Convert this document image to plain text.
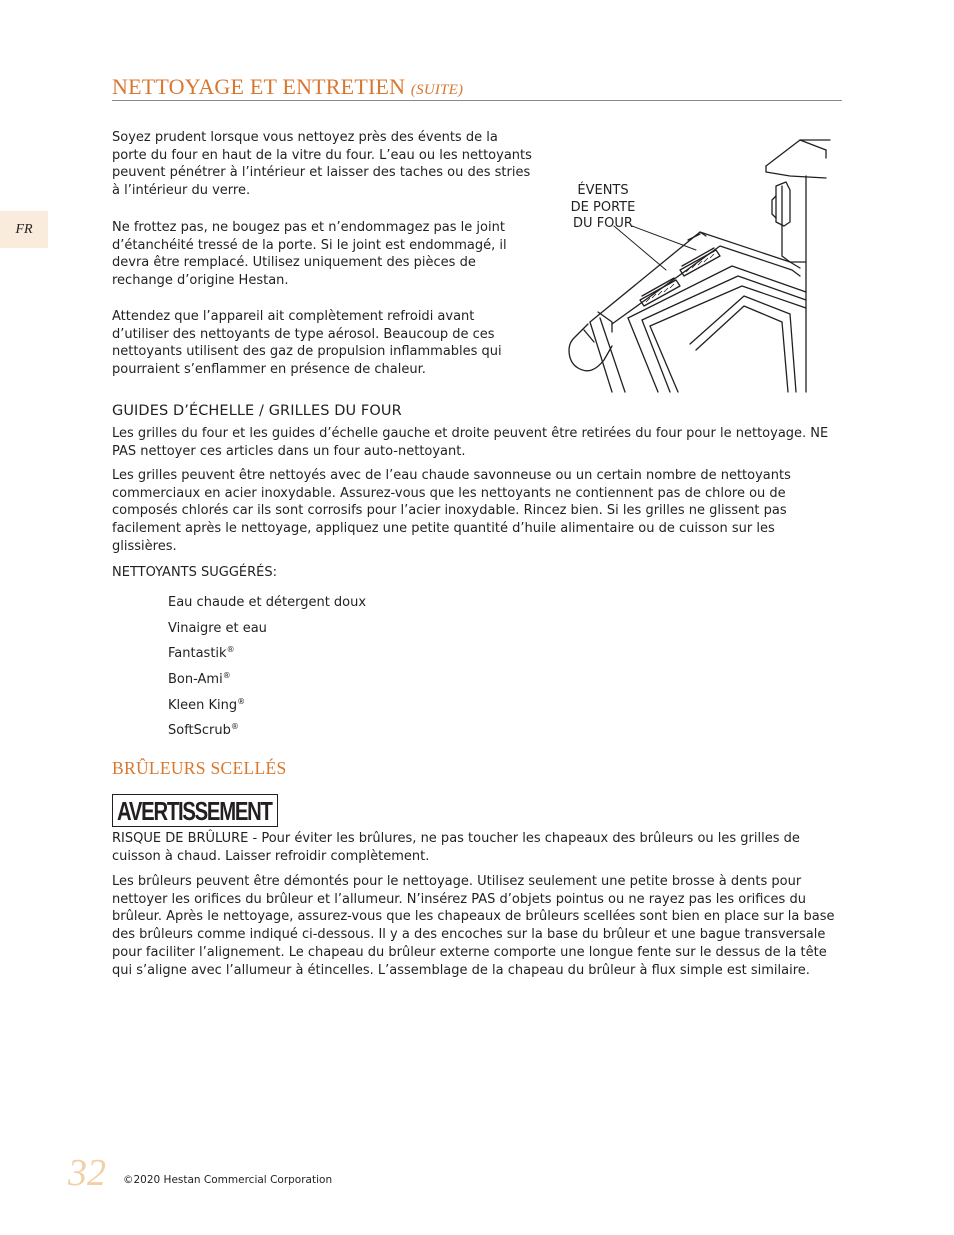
NETTOYAGE ET ENTRETIEN (SUITE)
FR
Soyez prudent lorsque vous nettoyez près des évents de la porte du four en haut de la vitre du four. L’eau ou les nettoyants peuvent pénétrer à l’intérieur et laisser des taches ou des stries à l’intérieur du verre.
Ne frottez pas, ne bougez pas et n’endommagez pas le joint d’étanchéité tressé de la porte. Si le joint est endommagé, il devra être remplacé. Utilisez uniquement des pièces de rechange d’origine Hestan.
Attendez que l’appareil ait complètement refroidi avant d’utiliser des nettoyants de type aérosol. Beaucoup de ces nettoyants utilisent des gaz de propulsion inflammables qui pourraient s’enflammer en présence de chaleur.
ÉVENTS
DE PORTE
DU FOUR
GUIDES D’ÉCHELLE / GRILLES DU FOUR
Les grilles du four et les guides d’échelle gauche et droite peuvent être retirées du four pour le nettoyage. NE PAS nettoyer ces articles dans un four auto-nettoyant.
Les grilles peuvent être nettoyés avec de l’eau chaude savonneuse ou un certain nombre de nettoyants commerciaux en acier inoxydable. Assurez-vous que les nettoyants ne contiennent pas de chlore ou de composés chlorés car ils sont corrosifs pour l’acier inoxydable. Rincez bien. Si les grilles ne glissent pas facilement après le nettoyage, appliquez une petite quantité d’huile alimentaire ou de cuisson sur les glissières.
NETTOYANTS SUGGÉRÉS:
Eau chaude et détergent doux
Vinaigre et eau
Fantastik®
Bon-Ami®
Kleen King®
SoftScrub®
BRÛLEURS SCELLÉS
AVERTISSEMENT
RISQUE DE BRÛLURE - Pour éviter les brûlures, ne pas toucher les chapeaux des brûleurs ou les grilles de cuisson à chaud. Laisser refroidir complètement.
Les brûleurs peuvent être démontés pour le nettoyage. Utilisez seulement une petite brosse à dents pour nettoyer les orifices du brûleur et l’allumeur. N’insérez PAS d’objets pointus ou ne rayez pas les orifices du brûleur. Après le nettoyage, assurez-vous que les chapeaux de brûleurs scellées sont bien en place sur la base des brûleurs comme indiqué ci-dessous. Il y a des encoches sur la base du brûleur et une bague transversale pour faciliter l’alignement. Le chapeau du brûleur externe comporte une longue fente sur le dessus de la tête qui s’aligne avec l’allumeur à étincelles. L’assemblage de la chapeau du brûleur à flux simple est similaire.
32 ©2020 Hestan Commercial Corporation
